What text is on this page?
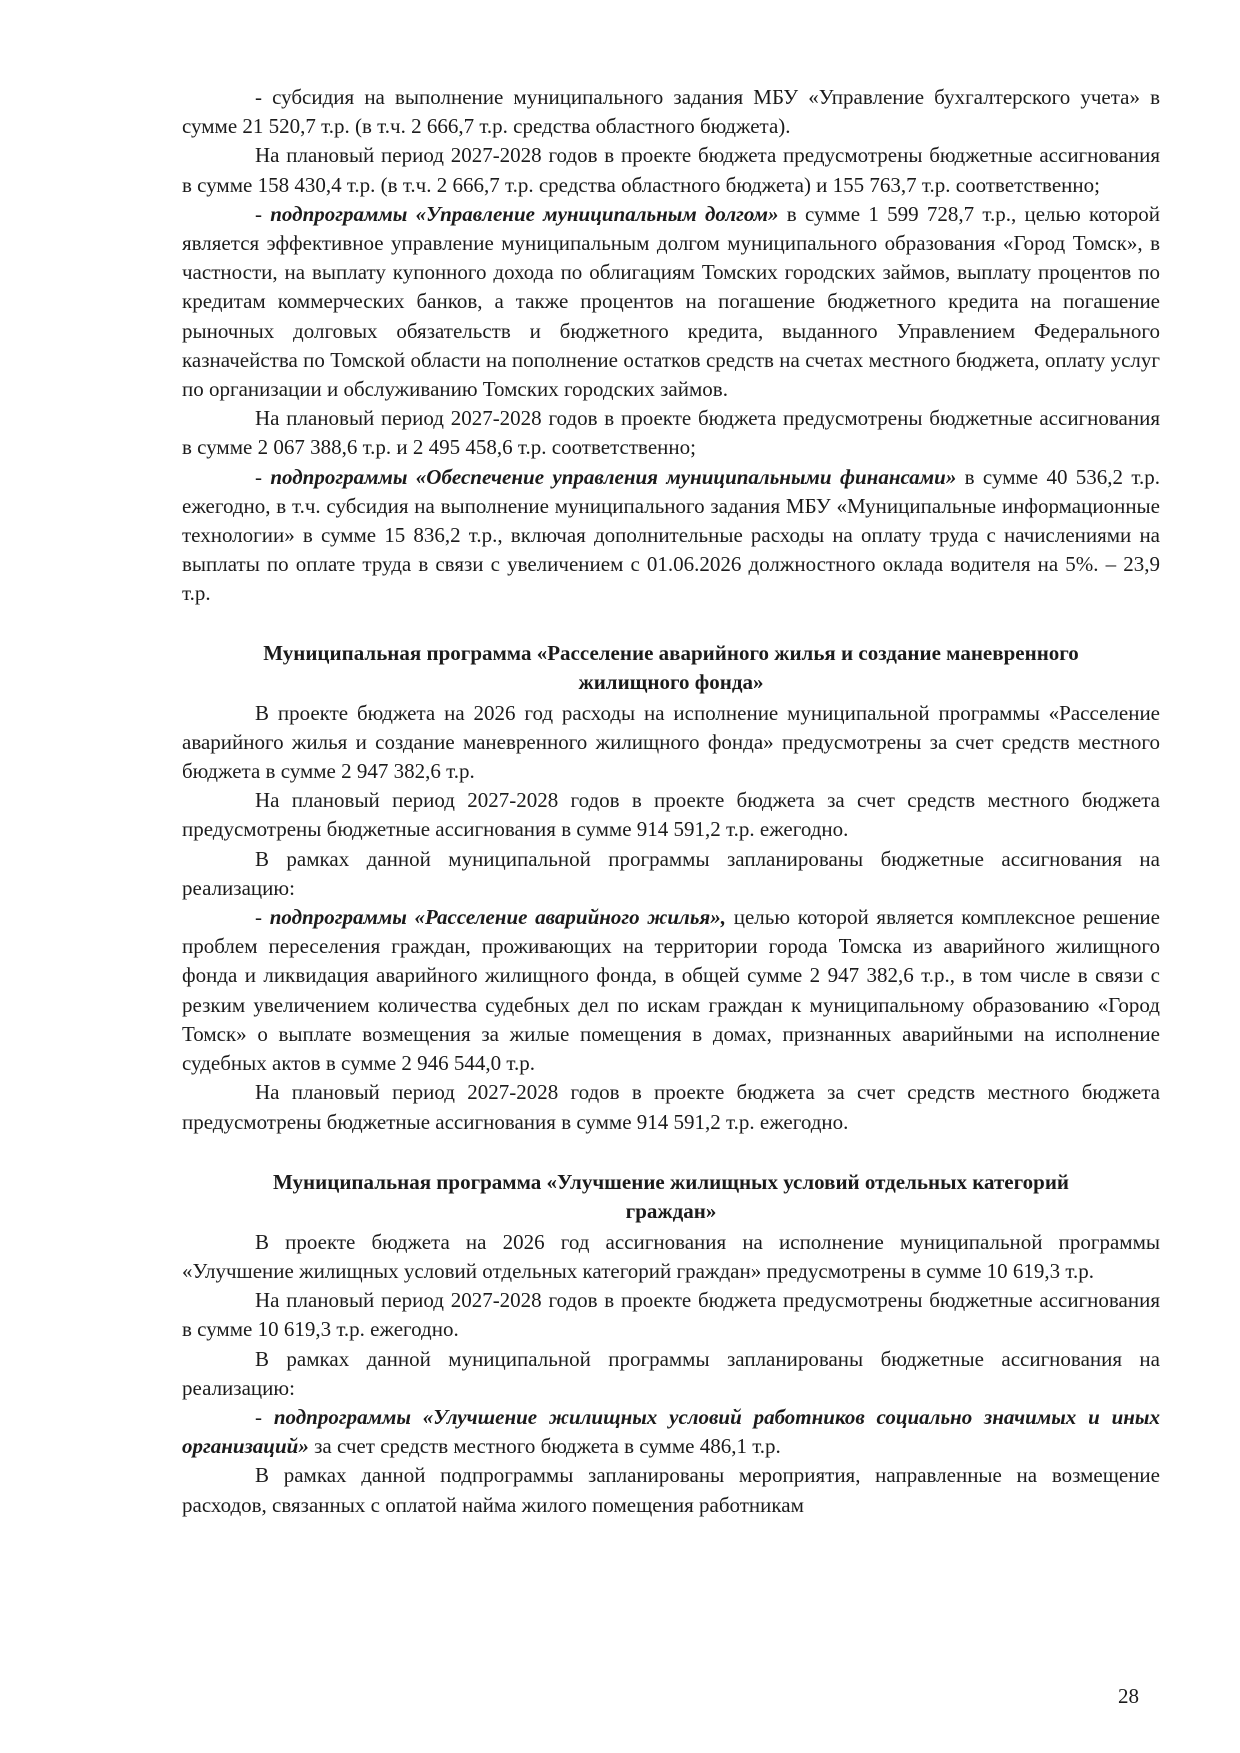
- субсидия на выполнение муниципального задания МБУ «Управление бухгалтерского учета» в сумме 21 520,7 т.р. (в т.ч. 2 666,7 т.р. средства областного бюджета).

На плановый период 2027-2028 годов в проекте бюджета предусмотрены бюджетные ассигнования в сумме 158 430,4 т.р. (в т.ч. 2 666,7 т.р. средства областного бюджета) и 155 763,7 т.р. соответственно;

- подпрограммы «Управление муниципальным долгом» в сумме 1 599 728,7 т.р., целью которой является эффективное управление муниципальным долгом муниципального образования «Город Томск», в частности, на выплату купонного дохода по облигациям Томских городских займов, выплату процентов по кредитам коммерческих банков, а также процентов на погашение бюджетного кредита на погашение рыночных долговых обязательств и бюджетного кредита, выданного Управлением Федерального казначейства по Томской области на пополнение остатков средств на счетах местного бюджета, оплату услуг по организации и обслуживанию Томских городских займов.

На плановый период 2027-2028 годов в проекте бюджета предусмотрены бюджетные ассигнования в сумме 2 067 388,6 т.р. и 2 495 458,6 т.р. соответственно;

- подпрограммы «Обеспечение управления муниципальными финансами» в сумме 40 536,2 т.р. ежегодно, в т.ч. субсидия на выполнение муниципального задания МБУ «Муниципальные информационные технологии» в сумме 15 836,2 т.р., включая дополнительные расходы на оплату труда с начислениями на выплаты по оплате труда в связи с увеличением с 01.06.2026 должностного оклада водителя на 5%. – 23,9 т.р.

Муниципальная программа «Расселение аварийного жилья и создание маневренного жилищного фонда»

В проекте бюджета на 2026 год расходы на исполнение муниципальной программы «Расселение аварийного жилья и создание маневренного жилищного фонда» предусмотрены за счет средств местного бюджета в сумме 2 947 382,6 т.р.

На плановый период 2027-2028 годов в проекте бюджета за счет средств местного бюджета предусмотрены бюджетные ассигнования в сумме 914 591,2 т.р. ежегодно.

В рамках данной муниципальной программы запланированы бюджетные ассигнования на реализацию:

- подпрограммы «Расселение аварийного жилья», целью которой является комплексное решение проблем переселения граждан, проживающих на территории города Томска из аварийного жилищного фонда и ликвидация аварийного жилищного фонда, в общей сумме 2 947 382,6 т.р., в том числе в связи с резким увеличением количества судебных дел по искам граждан к муниципальному образованию «Город Томск» о выплате возмещения за жилые помещения в домах, признанных аварийными на исполнение судебных актов в сумме 2 946 544,0 т.р.

На плановый период 2027-2028 годов в проекте бюджета за счет средств местного бюджета предусмотрены бюджетные ассигнования в сумме 914 591,2 т.р. ежегодно.

Муниципальная программа «Улучшение жилищных условий отдельных категорий граждан»

В проекте бюджета на 2026 год ассигнования на исполнение муниципальной программы «Улучшение жилищных условий отдельных категорий граждан» предусмотрены в сумме 10 619,3 т.р.

На плановый период 2027-2028 годов в проекте бюджета предусмотрены бюджетные ассигнования в сумме 10 619,3 т.р. ежегодно.

В рамках данной муниципальной программы запланированы бюджетные ассигнования на реализацию:

- подпрограммы «Улучшение жилищных условий работников социально значимых и иных организаций» за счет средств местного бюджета в сумме 486,1 т.р.

В рамках данной подпрограммы запланированы мероприятия, направленные на возмещение расходов, связанных с оплатой найма жилого помещения работникам

28
